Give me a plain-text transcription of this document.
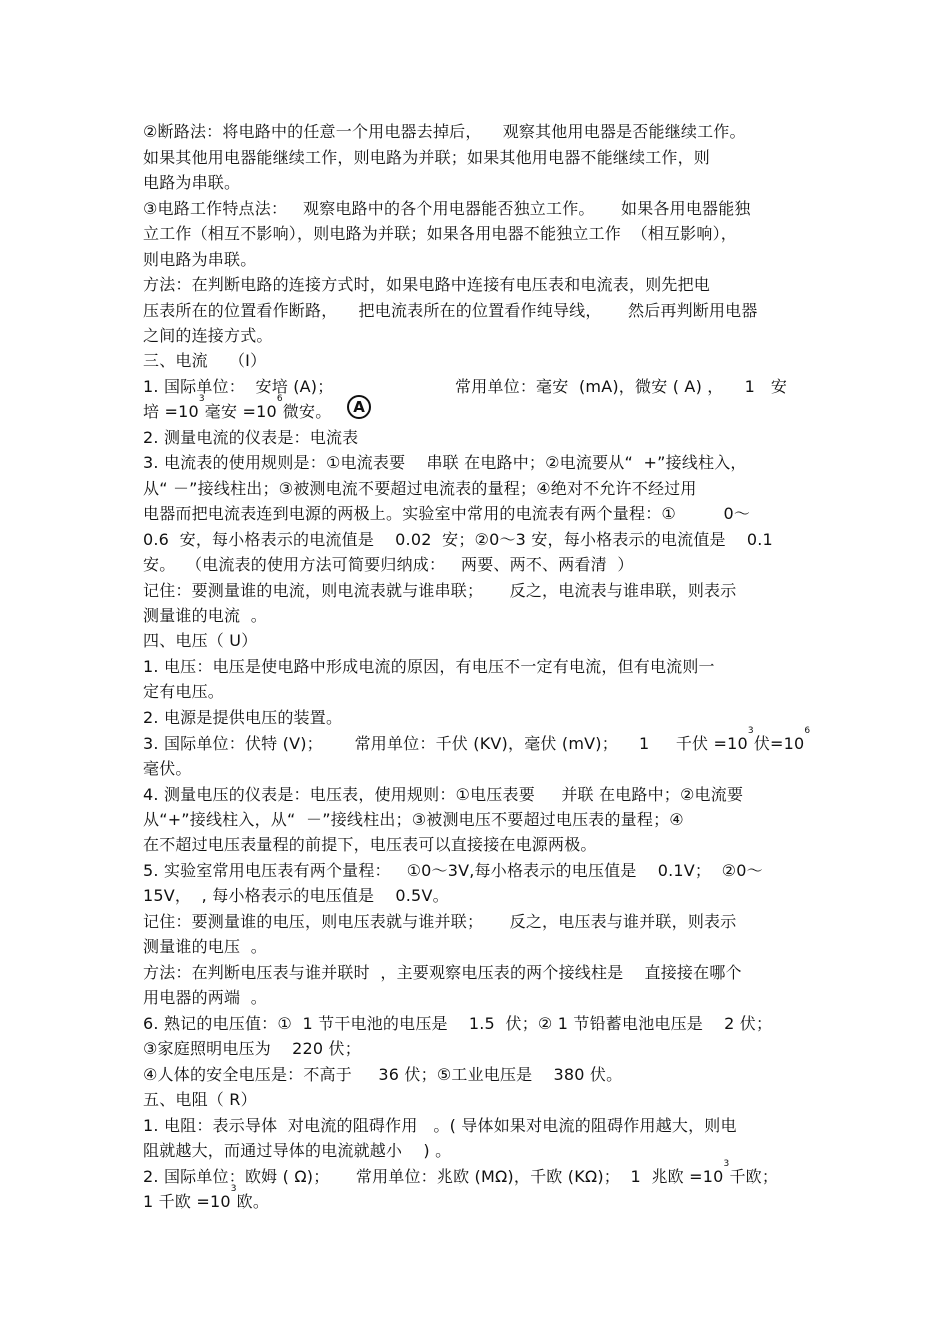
②断路法：将电路中的任意一个用电器去掉后，    观察其他用电器是否能继续工作。
如果其他用电器能继续工作，则电路为并联；如果其他用电器不能继续工作，则
电路为串联。
③电路工作特点法：   观察电路中的各个用电器能否独立工作。     如果各用电器能独
立工作（相互不影响），则电路为并联；如果各用电器不能独立工作  （相互影响），
则电路为串联。
方法：在判断电路的连接方式时，如果电路中连接有电压表和电流表，则先把电
压表所在的位置看作断路，    把电流表所在的位置看作纯导线，     然后再判断用电器
之间的连接方式。
三、电流    （I）
1. 国际单位：  安培 (A)；                       常用单位：毫安  (mA)，微安 ( A) ，    1   安
培 $=10^3$毫安 $=10^6$微安。	A
2. 测量电流的仪表是：电流表
3. 电流表的使用规则是：①电流表要    串联 在电路中；②电流要从“  +”接线柱入，
从“ －”接线柱出；③被测电流不要超过电流表的量程；④绝对不允许不经过用
电器而把电流表连到电源的两极上。实验室中常用的电流表有两个量程：①         0～
0.6  安，每小格表示的电流值是    0.02  安；②0～3 安，每小格表示的电流值是    0.1
安。  （电流表的使用方法可简要归纳成：   两要、两不、两看清  ）
记住：要测量谁的电流，则电流表就与谁串联；     反之，电流表与谁串联，则表示
测量谁的电流  。
四、电压（ U）
1. 电压：电压是使电路中形成电流的原因，有电压不一定有电流，但有电流则一
定有电压。
2. 电源是提供电压的装置。
3. 国际单位：伏特 (V)；      常用单位：千伏 (KV)，毫伏 (mV)；    1     千伏 $=10^3$伏$=10^6$
毫伏。
4. 测量电压的仪表是：电压表，使用规则：①电压表要     并联 在电路中；②电流要
从“+”接线柱入，从“  －”接线柱出；③被测电压不要超过电压表的量程；④
在不超过电压表量程的前提下，电压表可以直接接在电源两极。
5. 实验室常用电压表有两个量程：   ①0～3V,每小格表示的电压值是    0.1V；  ②0～
15V，  , 每小格表示的电压值是    0.5V。
记住：要测量谁的电压，则电压表就与谁并联；     反之，电压表与谁并联，则表示
测量谁的电压  。
方法：在判断电压表与谁并联时  ，主要观察电压表的两个接线柱是    直接接在哪个
用电器的两端  。
6. 熟记的电压值：①  1 节干电池的电压是    1.5  伏；② 1 节铅蓄电池电压是    2 伏；
③家庭照明电压为    220 伏；
④人体的安全电压是：不高于     36 伏；⑤工业电压是    380 伏。
五、电阻（ R）
1. 电阻：表示导体  对电流的阻碍作用   。( 导体如果对电流的阻碍作用越大，则电
阻就越大，而通过导体的电流就越小    ) 。
2. 国际单位：欧姆 ( Ω)；     常用单位：兆欧 (MΩ)，千欧 (KΩ)；  1  兆欧 $=10^3$千欧；
1 千欧 $=10^3$欧。
